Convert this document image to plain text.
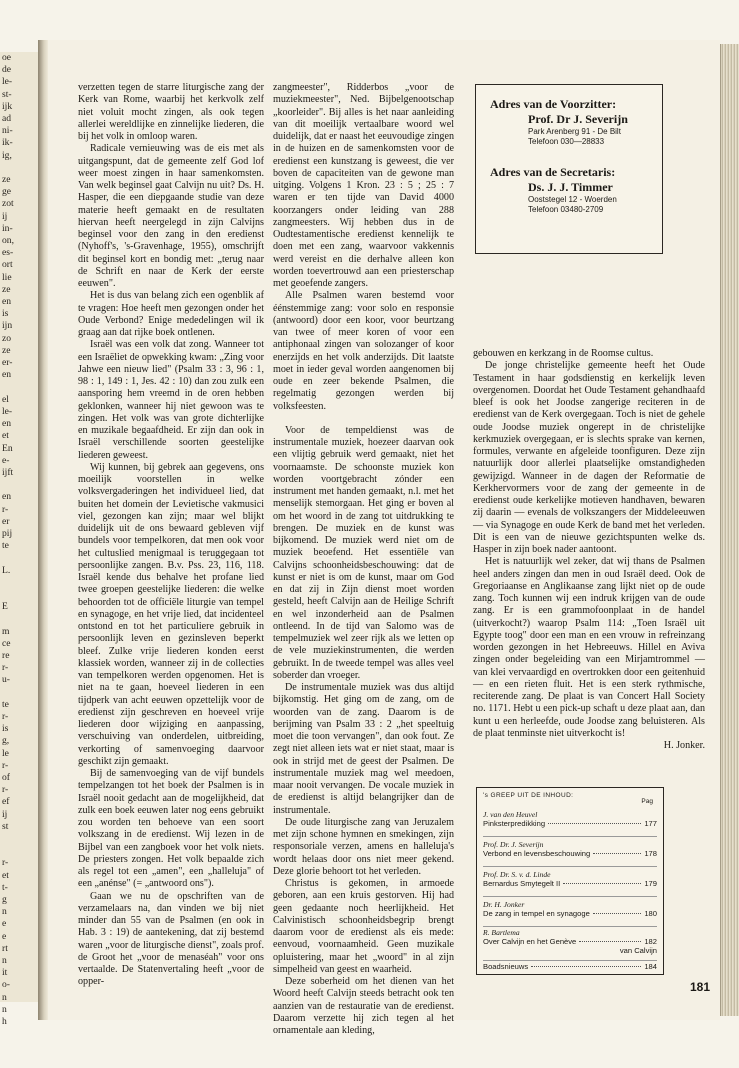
oe
de
le-
st-
ijk
ad
ni-
ik-
ig,

ze
ge
zot
ij
in-
on,
es-
ort
lie
ze
en
is
ijn
zo
ze
er-
en

el
le-
en
et
En
e-
ijft

en
r-
er
pij
te

L.

E

m
ce
re
r-
u-

te
r-
is
g,
le
r-
of
r-
ef
ij
st

r-
et
t-
g
n
e
e
rt
n
it
o-
n
n
h

verzetten tegen de starre liturgische zang der Kerk van Rome, waarbij het kerkvolk zelf niet voluit mocht zingen, als ook tegen allerlei wereldlijke en zinnelijke liederen, die bij het volk in omloop waren.

Radicale vernieuwing was de eis met als uitgangspunt, dat de gemeente zelf God lof weer moest zingen in haar samenkomsten. Van welk beginsel gaat Calvijn nu uit? Ds. H. Hasper, die een diepgaande studie van deze materie heeft gemaakt en de resultaten hiervan heeft neergelegd in zijn Calvijns beginsel voor den zang in den eredienst (Nyhoff's, 's-Gravenhage, 1955), omschrijft dit beginsel kort en bondig met: „terug naar de Schrift en naar de Kerk der eerste eeuwen".

Het is dus van belang zich een ogenblik af te vragen: Hoe heeft men gezongen onder het Oude Verbond? Enige mededelingen wil ik graag aan dat rijke boek ontlenen.

Israël was een volk dat zong. Wanneer tot een Israëliet de opwekking kwam: „Zing voor Jahwe een nieuw lied" (Psalm 33 : 3, 96 : 1, 98 : 1, 149 : 1, Jes. 42 : 10) dan zou zulk een aansporing hem vreemd in de oren hebben geklonken, wanneer hij niet gewoon was te zingen. Het volk was van grote dichterlijke en muzikale begaafdheid. Er zijn dan ook in Israël verschillende soorten geestelijke liederen geweest.

Wij kunnen, bij gebrek aan gegevens, ons moeilijk voorstellen in welke volksvergaderingen het individueel lied, dat buiten het domein der Levietische vakmusici viel, gezongen kan zijn; maar wel blijkt duidelijk uit de ons bewaard gebleven vijf bundels voor tempelkoren, dat men ook voor het cultuslied menigmaal is teruggegaan tot persoonlijke zangen. B.v. Pss. 23, 116, 118. Israël kende dus behalve het profane lied twee groepen geestelijke liederen: die welke behoorden tot de officiële liturgie van tempel en synagoge, en het vrije lied, dat incidenteel ontstond en tot het particuliere gebruik in persoonlijk leven en gezinsleven beperkt bleef. Zulke vrije liederen konden eerst klassiek worden, wanneer zij in de collecties van tempelkoren werden opgenomen. Het is niet na te gaan, hoeveel liederen in een tijdperk van acht eeuwen opzettelijk voor de eredienst zijn geschreven en hoeveel vrije liederen door wijziging en aanpassing, verschuiving van onderdelen, uitbreiding, verkorting of samenvoeging daarvoor geschikt zijn gemaakt.

Bij de samenvoeging van de vijf bundels tempelzangen tot het boek der Psalmen is in Israël nooit gedacht aan de mogelijkheid, dat zulk een boek eeuwen later nog eens gebruikt zou worden ten behoeve van een soort volkszang in de eredienst. Wij lezen in de Bijbel van een zangboek voor het volk niets. De priesters zongen. Het volk bepaalde zich als regel tot een „amen", een „halleluja" of een „anénse" (= „antwoord ons").

Gaan we nu de opschriften van de verzamelaars na, dan vinden we bij niet minder dan 55 van de Psalmen (en ook in Hab. 3 : 19) de aantekening, dat zij bestemd waren „voor de liturgische dienst", zoals prof. de Groot het „voor de menaséah" voor ons vertaalde. De Statenvertaling heeft „voor de opper-

zangmeester", Ridderbos „voor de muziekmeester", Ned. Bijbelgenootschap „koorleider". Bij alles is het naar aanleiding van dit moeilijk vertaalbare woord wel duidelijk, dat er naast het eeuvoudige zingen in de huizen en de samenkomsten voor de eredienst een kunstzang is geweest, die ver boven de capaciteiten van de gewone man uitging. Volgens 1 Kron. 23 : 5 ; 25 : 7 waren er ten tijde van David 4000 koorzangers onder leiding van 288 zangmeesters. Wij hebben dus in de Oudtestamentische eredienst kennelijk te doen met een zang, waarvoor vakkennis werd vereist en die derhalve alleen kon worden toevertrouwd aan een priesterschap met geoefende zangers.

Alle Psalmen waren bestemd voor éénstemmige zang: voor solo en responsie (antwoord) door een koor, voor beurtzang van twee of meer koren of voor een antiphonaal zingen van solozanger of koor enerzijds en het volk anderzijds. Dit laatste moet in ieder geval worden aangenomen bij oude en zeer bekende Psalmen, die regelmatig gezongen werden bij volksfeesten.

Voor de tempeldienst was de instrumentale muziek, hoezeer daarvan ook een vlijtig gebruik werd gemaakt, niet het voornaamste. De schoonste muziek kon worden voortgebracht zónder een instrument met handen gemaakt, n.l. met het menselijk stemorgaan. Het ging er boven al om het woord in de zang tot uitdrukking te brengen. De muziek en de kunst was bijkomend. De muziek werd niet om de muziek beoefend. Het essentiële van Calvijns schoonheidsbeschouwing: dat de kunst er niet is om de kunst, maar om God en dat zij in Zijn dienst moet worden gesteld, heeft Calvijn aan de Heilige Schrift en wel inzonderheid aan de Psalmen ontleend. In de tijd van Salomo was de tempelmuziek wel zeer rijk als we letten op de vele muziekinstrumenten, die werden gebruikt. In de tweede tempel was alles veel soberder dan vroeger.

De instrumentale muziek was dus altijd bijkomstig. Het ging om de zang, om de woorden van de zang. Daarom is de berijming van Psalm 33 : 2 „het speeltuig moet die toon vervangen", dan ook fout. Ze zegt niet alleen iets wat er niet staat, maar is ook in strijd met de geest der Psalmen. De instrumentale muziek mag wel meedoen, maar nooit vervangen. De vocale muziek in de eredienst is altijd belangrijker dan de instrumentale.

De oude liturgische zang van Jeruzalem met zijn schone hymnen en smekingen, zijn responsoriale verzen, amens en halleluja's wordt helaas door ons niet meer gekend. Deze glorie behoort tot het verleden.

Christus is gekomen, in armoede geboren, aan een kruis gestorven. Hij had geen gedaante noch heerlijkheid. Het Calvinistisch schoonheidsbegrip brengt daarom voor de eredienst als eis mede: eenvoud, voornaamheid. Geen muzikale opluistering, maar het „woord" in al zijn simpelheid van geest en waarheid.

Deze soberheid om het dienen van het Woord heeft Calvijn steeds betracht ook ten aanzien van de restauratie van de eredienst. Daarom verzette hij zich tegen al het ornamentale aan kleding,

Adres van de Voorzitter:
Prof. Dr J. Severijn
Park Arenberg 91 - De Bilt
Telefoon 030—28833
Adres van de Secretaris:
Ds. J. J. Timmer
Ooststegel 12 - Woerden
Telefoon 03480-2709

gebouwen en kerkzang in de Roomse cultus.

De jonge christelijke gemeente heeft het Oude Testament in haar godsdienstig en kerkelijk leven overgenomen. Doordat het Oude Testament gehandhaafd bleef is ook het Joodse zangerige reciteren in de eredienst van de Kerk overgegaan. Toch is niet de gehele oude Joodse muziek ongerept in de christelijke kerkmuziek overgegaan, er is slechts sprake van kernen, formules, verwante en afgeleide toonfiguren. Deze zijn natuurlijk door allerlei plaatselijke omstandigheden gewijzigd. Wanneer in de dagen der Reformatie de Kerkhervormers voor de zang der gemeente in de eredienst oude kerkelijke motieven handhaven, bewaren zij daarin — evenals de volkszangers der Middeleeuwen — via Synagoge en oude Kerk de band met het verleden. Dit is een van de nieuwe gezichtspunten welke ds. Hasper in zijn boek nader aantoont.

Het is natuurlijk wel zeker, dat wij thans de Psalmen heel anders zingen dan men in oud Israël deed. Ook de Gregoriaanse en Anglikaanse zang lijkt niet op de oude zang. Toch kunnen wij een indruk krijgen van de oude zang. Er is een grammofoonplaat in de handel (uitverkocht?) waarop Psalm 114: „Toen Israël uit Egypte toog" door een man en een vrouw in refreinzang worden gezongen in het Hebreeuws. Hillel en Aviva zingen onder begeleiding van een Mirjamtrommel — van klei vervaardigd en overtrokken door een geitenhuid — en een rieten fluit. Het is een sterk rythmische, reciterende zang. De plaat is van Concert Hall Society no. 1171. Hebt u een pick-up schaft u deze plaat aan, dan kunt u een herleefde, oude Joodse zang beluisteren. Als de plaat tenminste niet uitverkocht is!

H. Jonker.

's GREEP UIT DE INHOUD:
Pag
J. van den Heuvel
Pinksterpredikking	177
Prof. Dr. J. Severijn
Verbond en levensbeschouwing	178
Prof. Dr. S. v. d. Linde
Bernardus Smytegelt II	179
Dr. H. Jonker
De zang in tempel en synagoge	180
R. Bartlema
Over Calvijn en het Genève	182
van Calvijn
Boadsnieuws	184
181
